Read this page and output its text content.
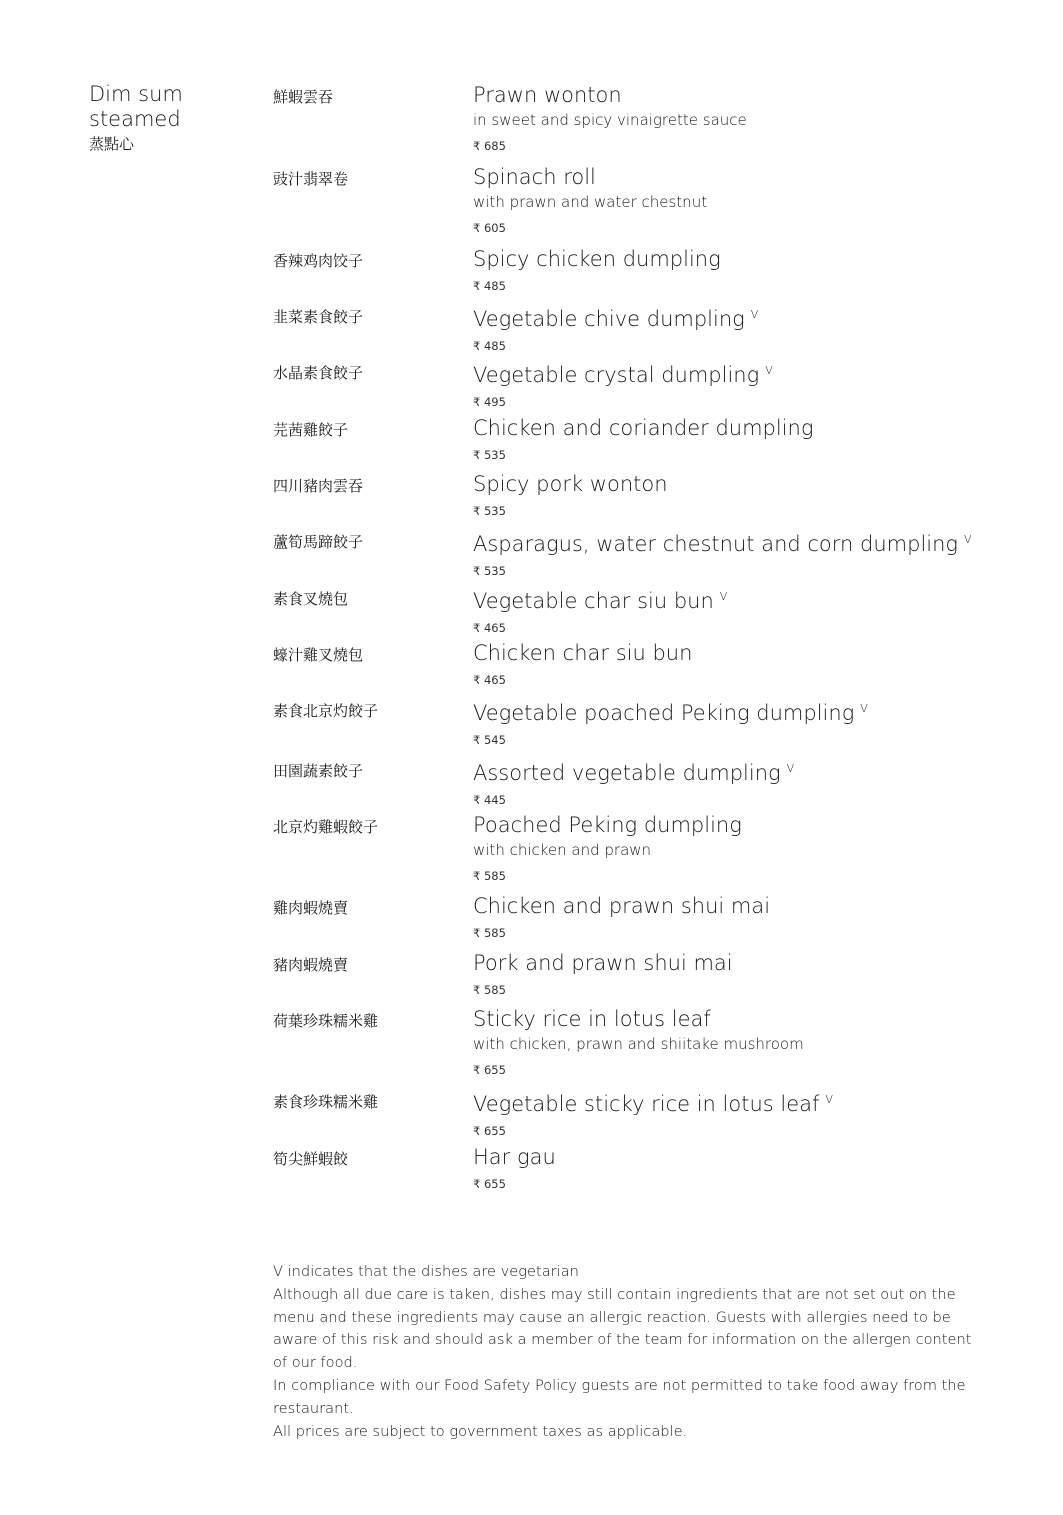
Dim sum
steamed
蒸點心
鮮蝦雲吞	Prawn wonton
in sweet and spicy vinaigrette sauce
₹ 685
豉汁翡翠卷	Spinach roll
with prawn and water chestnut
₹ 605
香辣鸡肉饺子	Spicy chicken dumpling
₹ 485
韭菜素食餃子	Vegetable chive dumpling $^V$
₹ 485
水晶素食餃子	Vegetable crystal dumpling $^V$
₹ 495
芫茜雞餃子	Chicken and coriander dumpling
₹ 535
四川豬肉雲吞	Spicy pork wonton
₹ 535
蘆筍馬蹄餃子	Asparagus, water chestnut and corn dumpling $^V$
₹ 535
素食叉燒包	Vegetable char siu bun $^V$
₹ 465
蠔汁雞叉燒包	Chicken char siu bun
₹ 465
素食北京灼餃子	Vegetable poached Peking dumpling $^V$
₹ 545
田園蔬素餃子	Assorted vegetable dumpling $^V$
₹ 445
北京灼雞蝦餃子	Poached Peking dumpling
with chicken and prawn
₹ 585
雞肉蝦燒賣	Chicken and prawn shui mai
₹ 585
豬肉蝦燒賣	Pork and prawn shui mai
₹ 585
荷葉珍珠糯米雞	Sticky rice in lotus leaf
with chicken, prawn and shiitake mushroom
₹ 655
素食珍珠糯米雞	Vegetable sticky rice in lotus leaf $^V$
₹ 655
筍尖鮮蝦餃	Har gau
₹ 655

V indicates that the dishes are vegetarian

Although all due care is taken, dishes may still contain ingredients that are not set out on the menu and these ingredients may cause an allergic reaction. Guests with allergies need to be aware of this risk and should ask a member of the team for information on the allergen content of our food.

In compliance with our Food Safety Policy guests are not permitted to take food away from the restaurant.

All prices are subject to government taxes as applicable.
